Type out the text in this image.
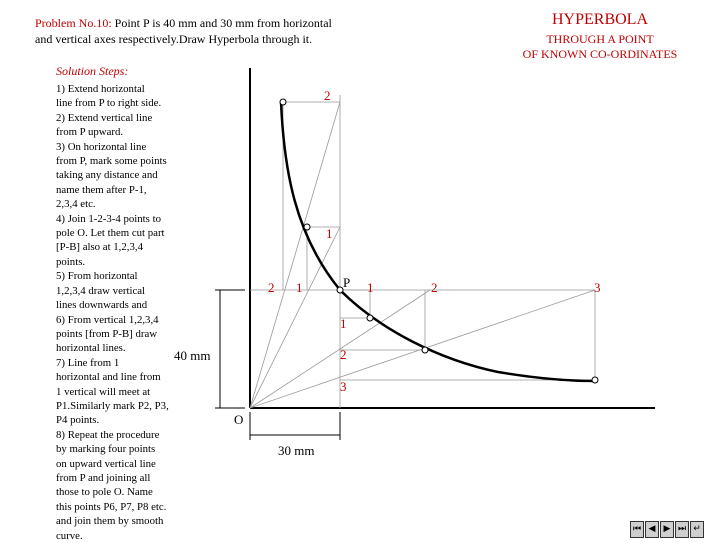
HYPERBOLA
THROUGH A POINT
OF KNOWN CO-ORDINATES
Problem No.10: Point P is 40 mm and 30 mm from horizontal
and vertical axes respectively.Draw Hyperbola through it.
Solution Steps:
1) Extend horizontal
line from P to right side.
2) Extend vertical line
from P upward.
3) On horizontal line
from P, mark some points
taking any distance and
name them after P-1,
2,3,4 etc.
4) Join 1-2-3-4 points to
pole O. Let them cut part
[P-B] also at 1,2,3,4
points.
5) From horizontal
1,2,3,4 draw vertical
lines downwards and
6) From vertical 1,2,3,4
points [from P-B] draw
horizontal lines.
7) Line from 1
horizontal and line from
1 vertical will meet at
P1.Similarly mark P2, P3,
P4 points.
8) Repeat the procedure
by marking four points
on upward vertical line
from P and joining all
those to pole O. Name
this points P6, P7, P8 etc.
and join them by smooth
curve.
40 mm
30 mm
O
P
2
1
2 1	1	2	3
1
2
3
⏮ ◀ ▶ ⏭ ↵
